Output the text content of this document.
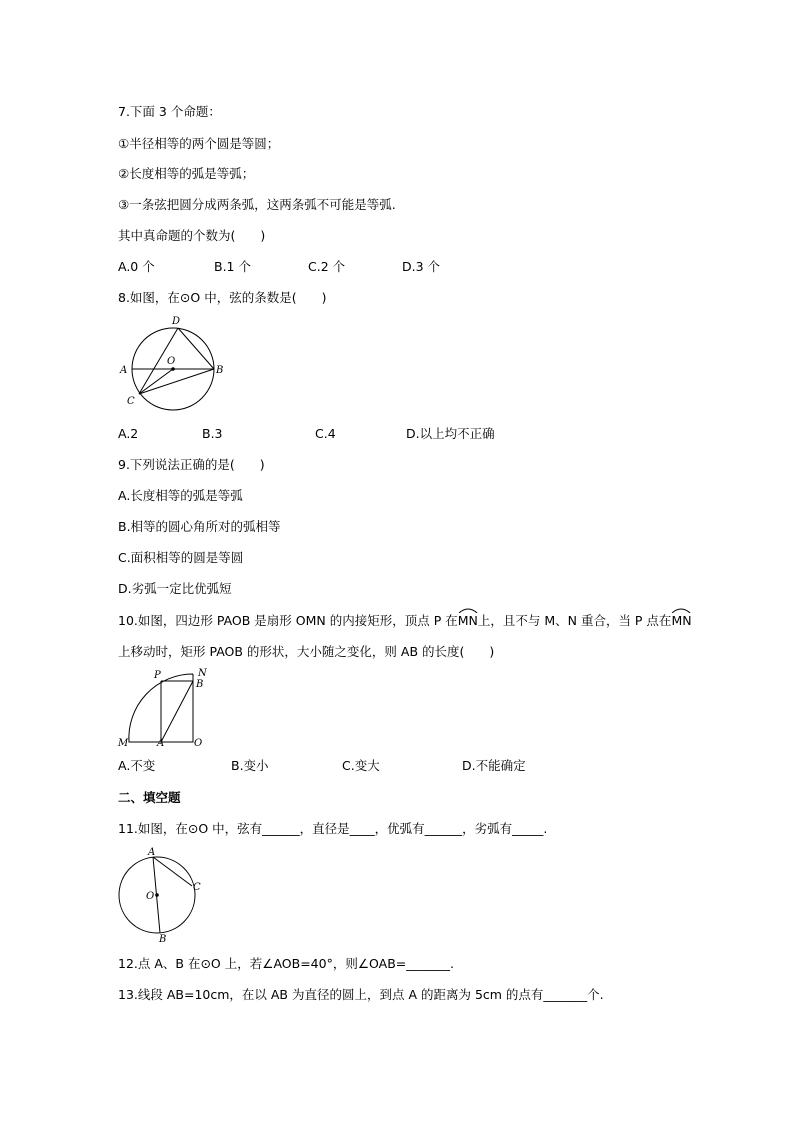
7.下面 3 个命题：
①半径相等的两个圆是等圆；
②长度相等的弧是等弧；
③一条弦把圆分成两条弧，这两条弧不可能是等弧.
其中真命题的个数为(　　)
A.0 个	B.1 个	C.2 个	D.3 个
8.如图，在⊙O 中，弦的条数是(　　)
D
O
A	B
C
A.2	B.3	C.4	D.以上均不正确
9.下列说法正确的是(　　)
A.长度相等的弧是等弧
B.相等的圆心角所对的弧相等
C.面积相等的圆是等圆
D.劣弧一定比优弧短
10.如图，四边形 PAOB 是扇形 OMN 的内接矩形，顶点 P 在
MN上，且不与 M、N 重合，当 P 点在
MN
上移动时，矩形 PAOB 的形状，大小随之变化，则 AB 的长度(　　)
P	N
B
M	A	O
A.不变	B.变小	C.变大	D.不能确定
二、填空题
11.如图，在⊙O 中，弦有______，直径是____，优弧有______，劣弧有_____.
A
C
O
B
12.点 A、B 在⊙O 上，若∠AOB=40°，则∠OAB=_______.
13.线段 AB=10cm，在以 AB 为直径的圆上，到点 A 的距离为 5cm 的点有_______个.
